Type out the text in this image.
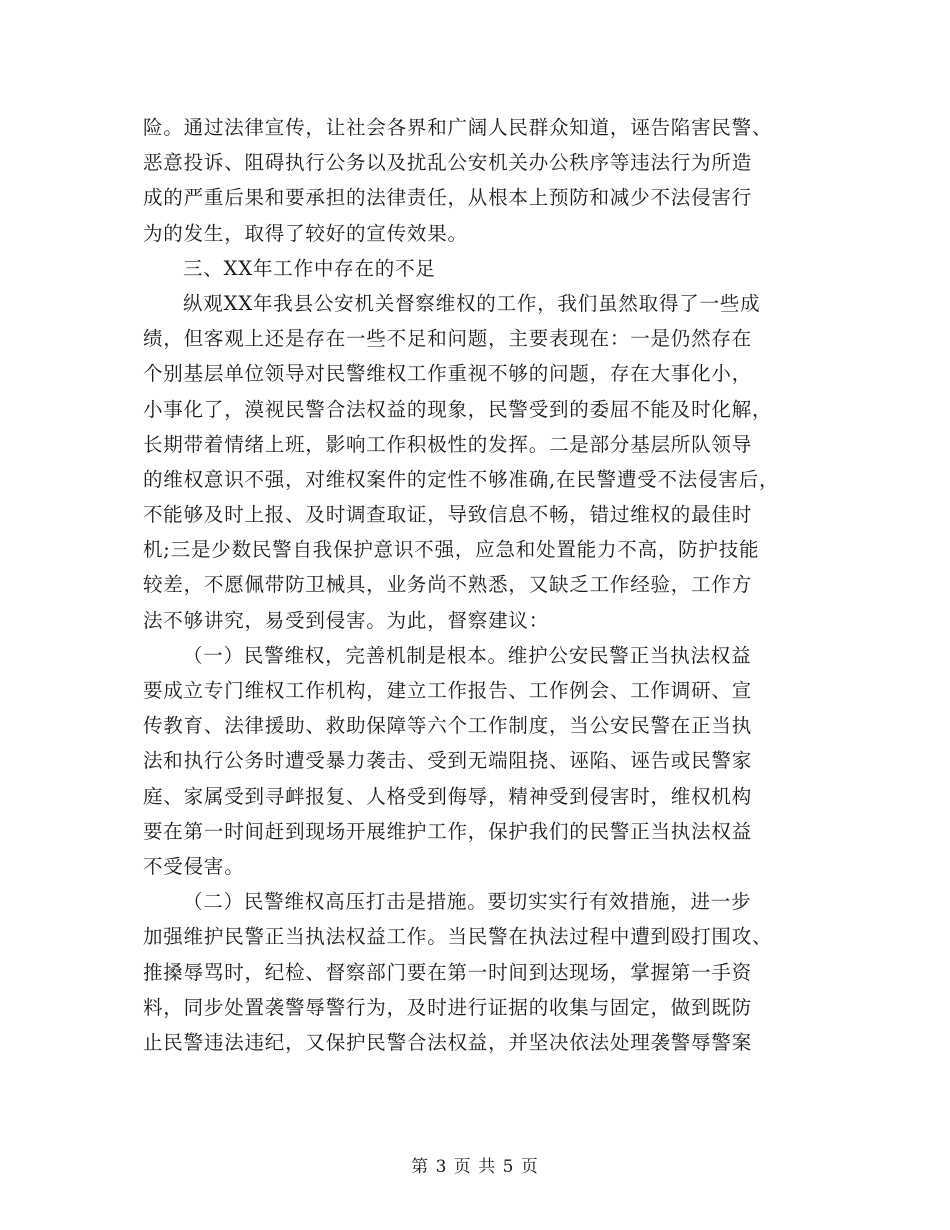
险。通过法律宣传，让社会各界和广阔人民群众知道，诬告陷害民警、
恶意投诉、阻碍执行公务以及扰乱公安机关办公秩序等违法行为所造
成的严重后果和要承担的法律责任，从根本上预防和减少不法侵害行
为的发生，取得了较好的宣传效果。
三、XX年工作中存在的不足
纵观XX年我县公安机关督察维权的工作，我们虽然取得了一些成
绩，但客观上还是存在一些不足和问题，主要表现在：一是仍然存在
个别基层单位领导对民警维权工作重视不够的问题，存在大事化小，
小事化了，漠视民警合法权益的现象，民警受到的委屈不能及时化解，
长期带着情绪上班，影响工作积极性的发挥。二是部分基层所队领导
的维权意识不强，对维权案件的定性不够准确,在民警遭受不法侵害后，
不能够及时上报、及时调查取证，导致信息不畅，错过维权的最佳时
机;三是少数民警自我保护意识不强，应急和处置能力不高，防护技能
较差，不愿佩带防卫械具，业务尚不熟悉，又缺乏工作经验，工作方
法不够讲究，易受到侵害。为此，督察建议：
（一）民警维权，完善机制是根本。维护公安民警正当执法权益
要成立专门维权工作机构，建立工作报告、工作例会、工作调研、宣
传教育、法律援助、救助保障等六个工作制度，当公安民警在正当执
法和执行公务时遭受暴力袭击、受到无端阻挠、诬陷、诬告或民警家
庭、家属受到寻衅报复、人格受到侮辱，精神受到侵害时，维权机构
要在第一时间赶到现场开展维护工作，保护我们的民警正当执法权益
不受侵害。
（二）民警维权高压打击是措施。要切实实行有效措施，进一步
加强维护民警正当执法权益工作。当民警在执法过程中遭到殴打围攻、
推搡辱骂时，纪检、督察部门要在第一时间到达现场，掌握第一手资
料，同步处置袭警辱警行为，及时进行证据的收集与固定，做到既防
止民警违法违纪，又保护民警合法权益，并坚决依法处理袭警辱警案
第 3 页 共 5 页
